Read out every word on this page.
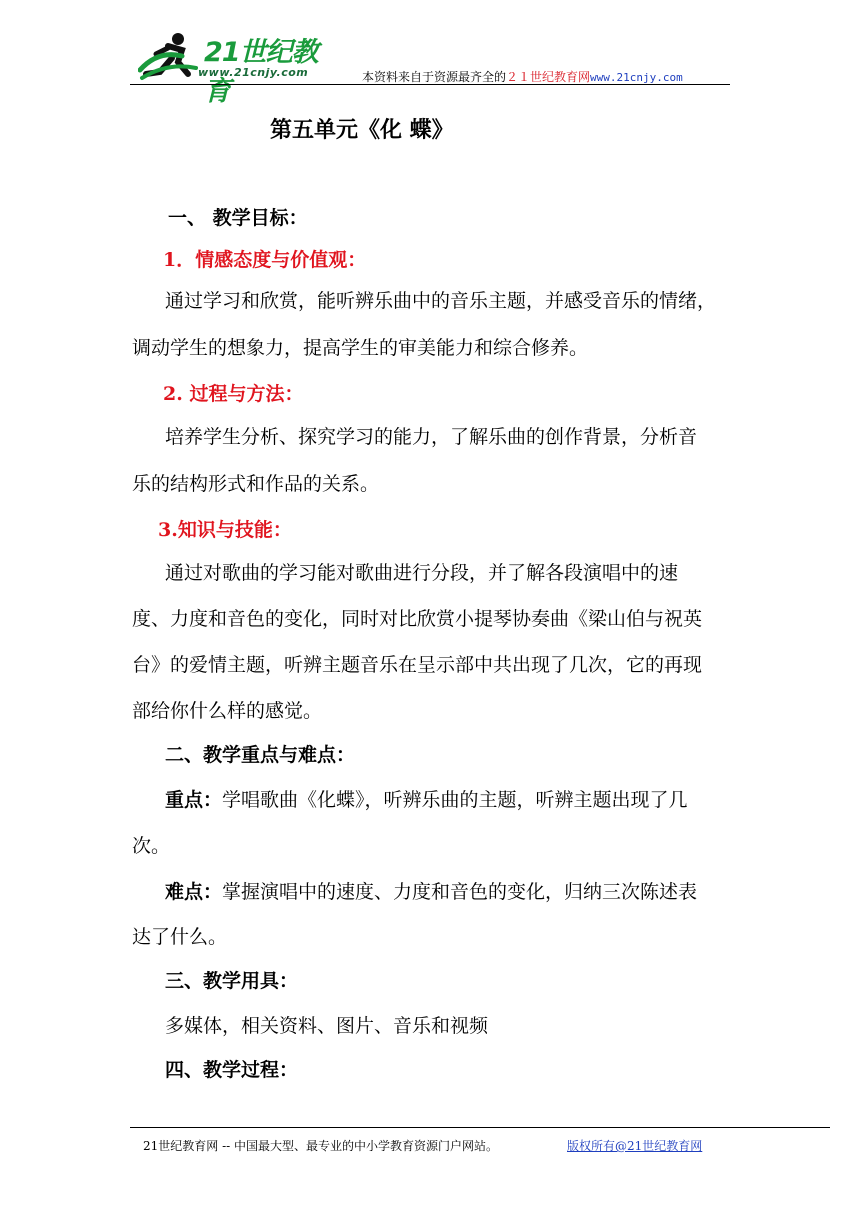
21世纪教育
www.21cnjy.com	本资料来自于资源最齐全的２１世纪教育网www.21cnjy.com
第五单元《化 蝶》
一、 教学目标：
1．情感态度与价值观：
通过学习和欣赏，能听辨乐曲中的音乐主题，并感受音乐的情绪，
调动学生的想象力，提高学生的审美能力和综合修养。
2. 过程与方法：
培养学生分析、探究学习的能力，了解乐曲的创作背景，分析音
乐的结构形式和作品的关系。
3.知识与技能：
通过对歌曲的学习能对歌曲进行分段，并了解各段演唱中的速
度、力度和音色的变化，同时对比欣赏小提琴协奏曲《梁山伯与祝英
台》的爱情主题，听辨主题音乐在呈示部中共出现了几次，它的再现
部给你什么样的感觉。
二、教学重点与难点：
重点：学唱歌曲《化蝶》，听辨乐曲的主题，听辨主题出现了几
次。
难点：掌握演唱中的速度、力度和音色的变化，归纳三次陈述表
达了什么。
三、教学用具：
多媒体，相关资料、图片、音乐和视频
四、教学过程：
21世纪教育网 -- 中国最大型、最专业的中小学教育资源门户网站。	版权所有@21世纪教育网
